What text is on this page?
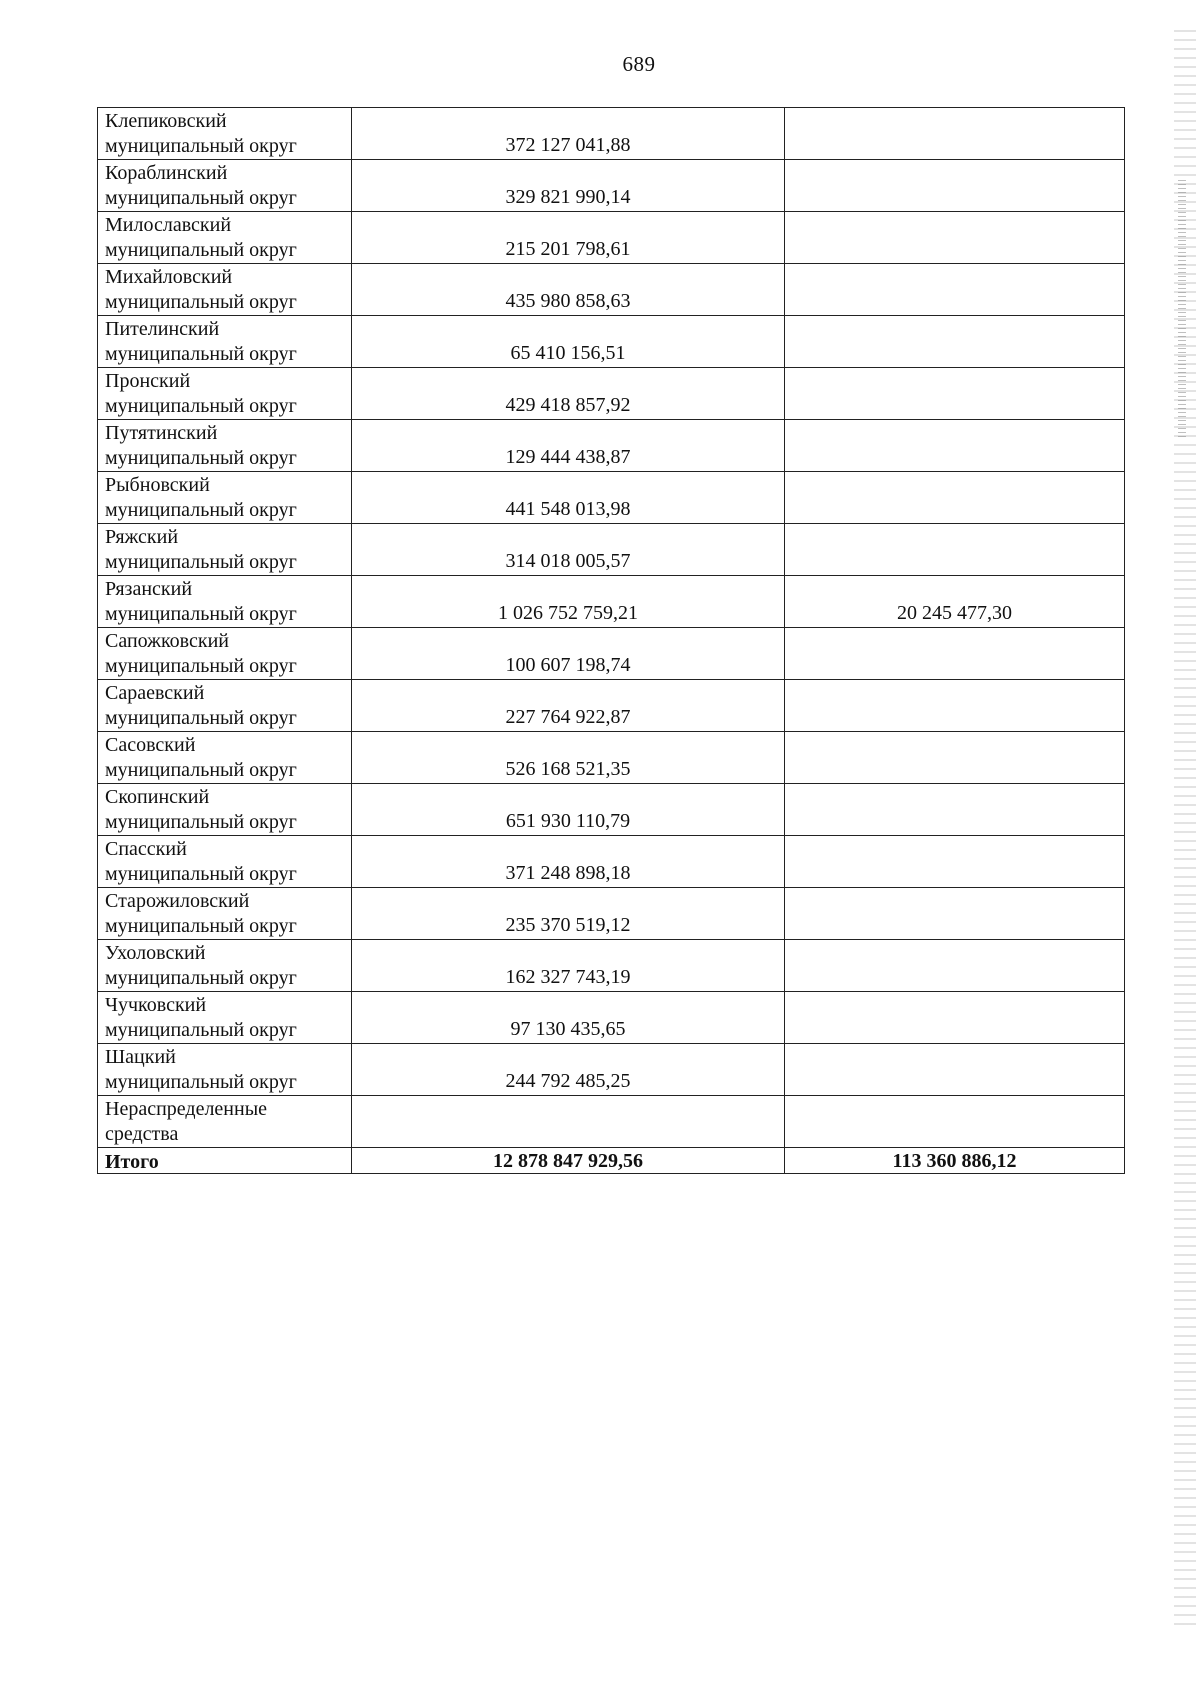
689
Клепиковский
муниципальный округ	372 127 041,88	

Кораблинский
муниципальный округ	329 821 990,14	

Милославский
муниципальный округ	215 201 798,61	

Михайловский
муниципальный округ	435 980 858,63	

Пителинский
муниципальный округ	65 410 156,51	

Пронский
муниципальный округ	429 418 857,92	

Путятинский
муниципальный округ	129 444 438,87	

Рыбновский
муниципальный округ	441 548 013,98	

Ряжский
муниципальный округ	314 018 005,57	

Рязанский
муниципальный округ	1 026 752 759,21	20 245 477,30

Сапожковский
муниципальный округ	100 607 198,74	

Сараевский
муниципальный округ	227 764 922,87	

Сасовский
муниципальный округ	526 168 521,35	

Скопинский
муниципальный округ	651 930 110,79	

Спасский
муниципальный округ	371 248 898,18	

Старожиловский
муниципальный округ	235 370 519,12	

Ухоловский
муниципальный округ	162 327 743,19	

Чучковский
муниципальный округ	97 130 435,65	

Шацкий
муниципальный округ	244 792 485,25	

Нераспределенные
средства		

Итого	12 878 847 929,56	113 360 886,12
